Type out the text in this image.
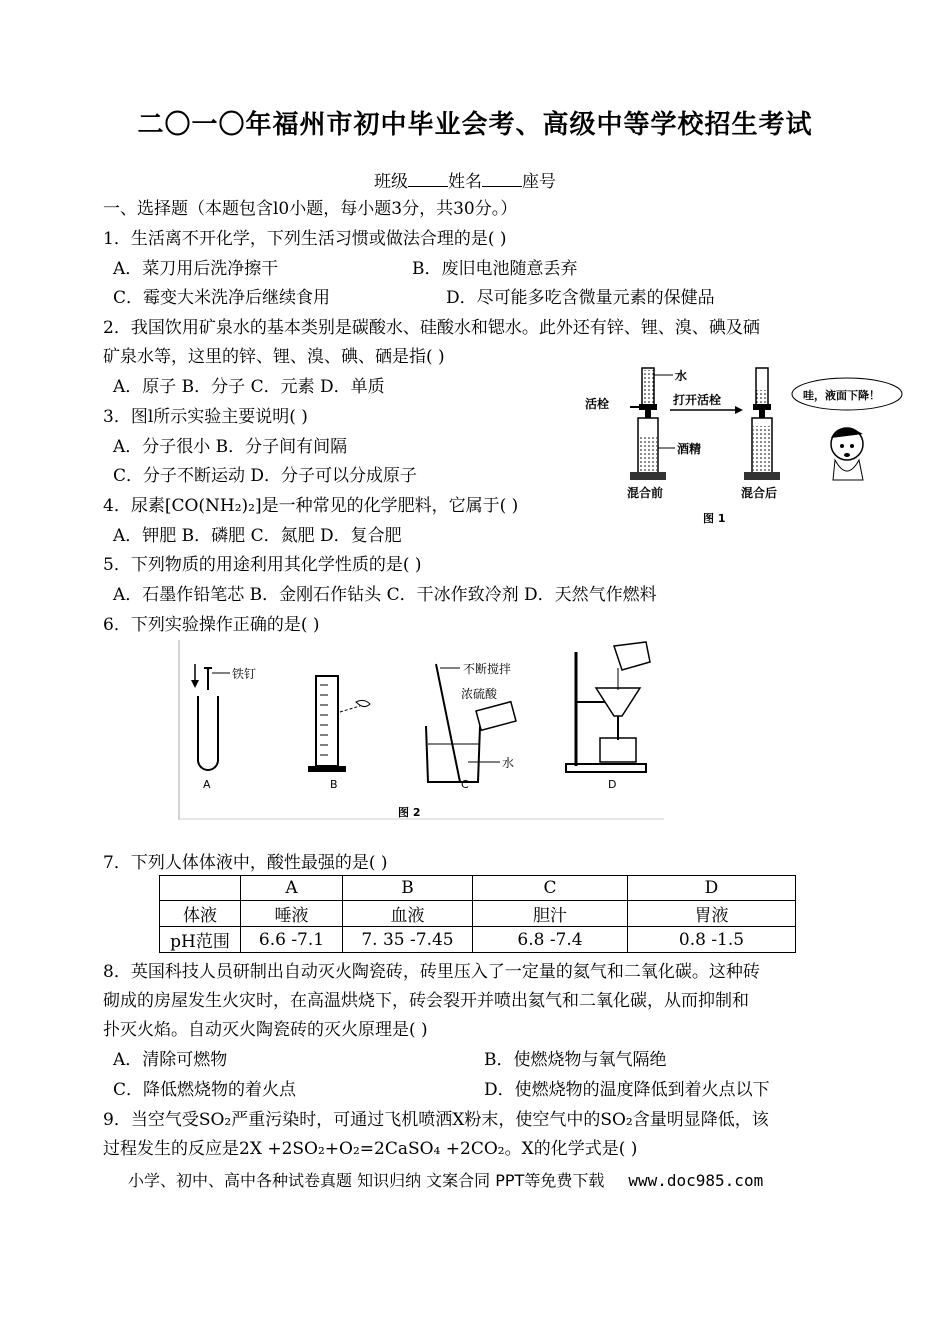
二〇一〇年福州市初中毕业会考、高级中等学校招生考试
班级 姓名 座号
一、选择题（本题包含l0小题，每小题3分，共30分。）
1．生活离不开化学，下列生活习惯或做法合理的是( )
A．菜刀用后洗净擦干	B．废旧电池随意丢弃
C．霉变大米洗净后继续食用	D．尽可能多吃含微量元素的保健品
2．我国饮用矿泉水的基本类别是碳酸水、硅酸水和锶水。此外还有锌、锂、溴、碘及硒
矿泉水等，这里的锌、锂、溴、碘、硒是指( )
A．原子 B．分子 C．元素 D．单质
3．图l所示实验主要说明( )
A．分子很小 B．分子间有间隔
C．分子不断运动 D．分子可以分成原子
4．尿素[CO(NH₂)₂]是一种常见的化学肥料，它属于( )
A．钾肥 B．磷肥 C．氮肥 D．复合肥
5．下列物质的用途利用其化学性质的是( )
A．石墨作铅笔芯 B．金刚石作钻头 C．干冰作致冷剂 D．天然气作燃料
6．下列实验操作正确的是( )
水
活栓	打开活栓
酒精
混合前	混合后
图 1
哇，液面下降！
铁钉
A	B
不断搅拌
浓硫酸
水
C	D
图 2
7．下列人体体液中，酸性最强的是( )
	A	B	C	D
体液	唾液	血液	胆汁	胃液
pH范围	6.6 -7.1	7. 35 -7.45	6.8 -7.4	0.8 -1.5
8．英国科技人员研制出自动灭火陶瓷砖，砖里压入了一定量的氦气和二氧化碳。这种砖
砌成的房屋发生火灾时，在高温烘烧下，砖会裂开并喷出氦气和二氧化碳，从而抑制和
扑灭火焰。自动灭火陶瓷砖的灭火原理是( )
A．清除可燃物	B．使燃烧物与氧气隔绝
C．降低燃烧物的着火点	D．使燃烧物的温度降低到着火点以下
9．当空气受SO₂严重污染时，可通过飞机喷洒X粉末，使空气中的SO₂含量明显降低，该
过程发生的反应是2X +2SO₂+O₂=2CaSO₄ +2CO₂。X的化学式是( )
小学、初中、高中各种试卷真题 知识归纳 文案合同 PPT等免费下载 www.doc985.com
